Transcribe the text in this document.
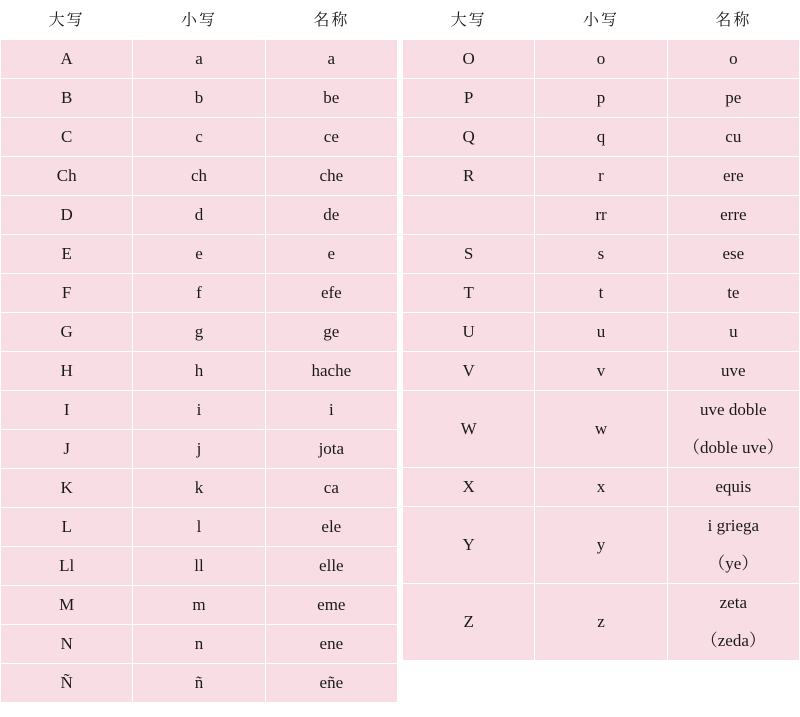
大写	小写	名称
A	a	a
B	b	be
C	c	ce
Ch	ch	che
D	d	de
E	e	e
F	f	efe
G	g	ge
H	h	hache
I	i	i
J	j	jota
K	k	ca
L	l	ele
Ll	ll	elle
M	m	eme
N	n	ene
Ñ	ñ	eñe
大写	小写	名称
O	o	o
P	p	pe
Q	q	cu
R	r	ere
	rr	erre
S	s	ese
T	t	te
U	u	u
V	v	uve
W	w	uve doble
（doble uve）

X	x	equis
Y	y	i griega
（ye）

Z	z	zeta
（zeda）
